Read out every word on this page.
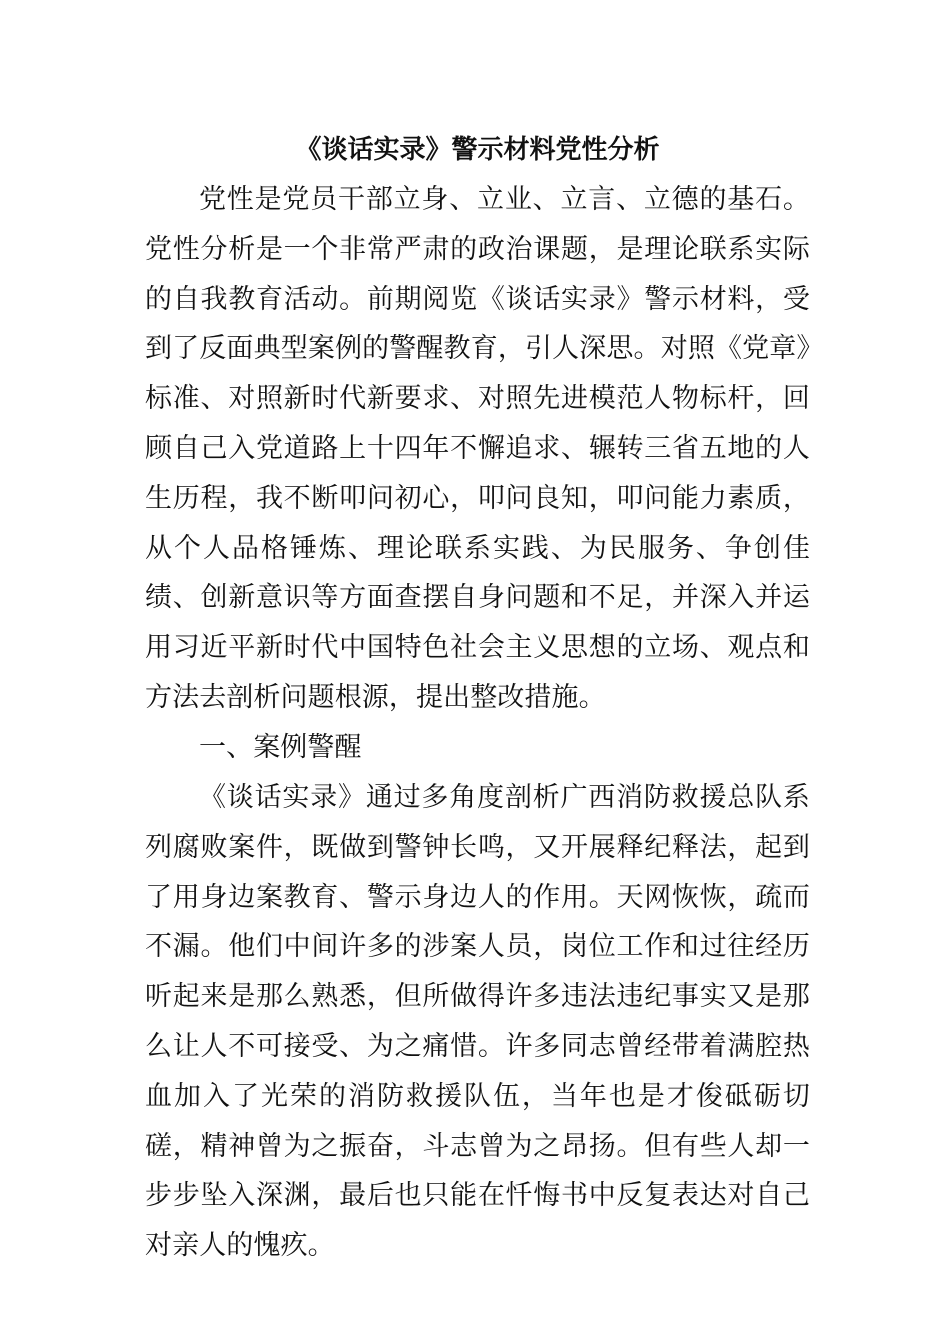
《谈话实录》警示材料党性分析

党性是党员干部立身、立业、立言、立德的基石。党性分析是一个非常严肃的政治课题，是理论联系实际的自我教育活动。前期阅览《谈话实录》警示材料，受到了反面典型案例的警醒教育，引人深思。对照《党章》标准、对照新时代新要求、对照先进模范人物标杆，回顾自己入党道路上十四年不懈追求、辗转三省五地的人生历程，我不断叩问初心，叩问良知，叩问能力素质，从个人品格锤炼、理论联系实践、为民服务、争创佳绩、创新意识等方面查摆自身问题和不足，并深入并运用习近平新时代中国特色社会主义思想的立场、观点和方法去剖析问题根源，提出整改措施。

一、案例警醒

《谈话实录》通过多角度剖析广西消防救援总队系列腐败案件，既做到警钟长鸣，又开展释纪释法，起到了用身边案教育、警示身边人的作用。天网恢恢，疏而不漏。他们中间许多的涉案人员，岗位工作和过往经历听起来是那么熟悉，但所做得许多违法违纪事实又是那么让人不可接受、为之痛惜。许多同志曾经带着满腔热血加入了光荣的消防救援队伍，当年也是才俊砥砺切磋，精神曾为之振奋，斗志曾为之昂扬。但有些人却一步步坠入深渊，最后也只能在忏悔书中反复表达对自己对亲人的愧疚。
